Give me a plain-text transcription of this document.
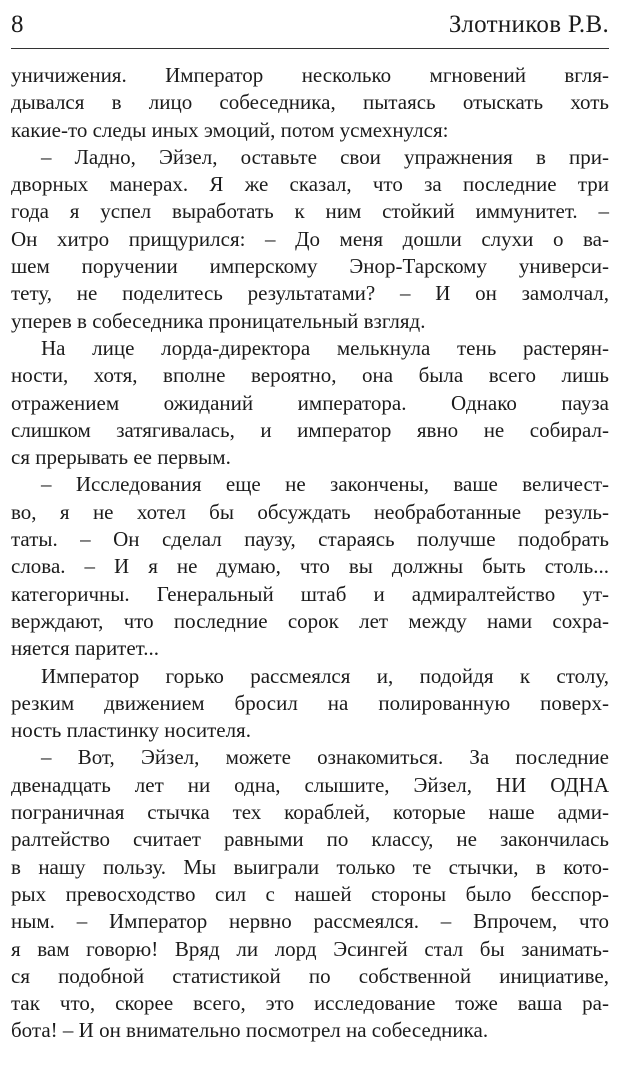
8	Злотников Р.В.
уничижения. Император несколько мгновений вгля-
дывался в лицо собеседника, пытаясь отыскать хоть
какие-то следы иных эмоций, потом усмехнулся:
– Ладно, Эйзел, оставьте свои упражнения в при-
дворных манерах. Я же сказал, что за последние три
года я успел выработать к ним стойкий иммунитет. –
Он хитро прищурился: – До меня дошли слухи о ва-
шем поручении имперскому Энор-Тарскому универси-
тету, не поделитесь результатами? – И он замолчал,
уперев в собеседника проницательный взгляд.
На лице лорда-директора мелькнула тень растерян-
ности, хотя, вполне вероятно, она была всего лишь
отражением ожиданий императора. Однако пауза
слишком затягивалась, и император явно не собирал-
ся прерывать ее первым.
– Исследования еще не закончены, ваше величест-
во, я не хотел бы обсуждать необработанные резуль-
таты. – Он сделал паузу, стараясь получше подобрать
слова. – И я не думаю, что вы должны быть столь...
категоричны. Генеральный штаб и адмиралтейство ут-
верждают, что последние сорок лет между нами сохра-
няется паритет...
Император горько рассмеялся и, подойдя к столу,
резким движением бросил на полированную поверх-
ность пластинку носителя.
– Вот, Эйзел, можете ознакомиться. За последние
двенадцать лет ни одна, слышите, Эйзел, НИ ОДНА
пограничная стычка тех кораблей, которые наше адми-
ралтейство считает равными по классу, не закончилась
в нашу пользу. Мы выиграли только те стычки, в кото-
рых превосходство сил с нашей стороны было бесспор-
ным. – Император нервно рассмеялся. – Впрочем, что
я вам говорю! Вряд ли лорд Эсингей стал бы занимать-
ся подобной статистикой по собственной инициативе,
так что, скорее всего, это исследование тоже ваша ра-
бота! – И он внимательно посмотрел на собеседника.
